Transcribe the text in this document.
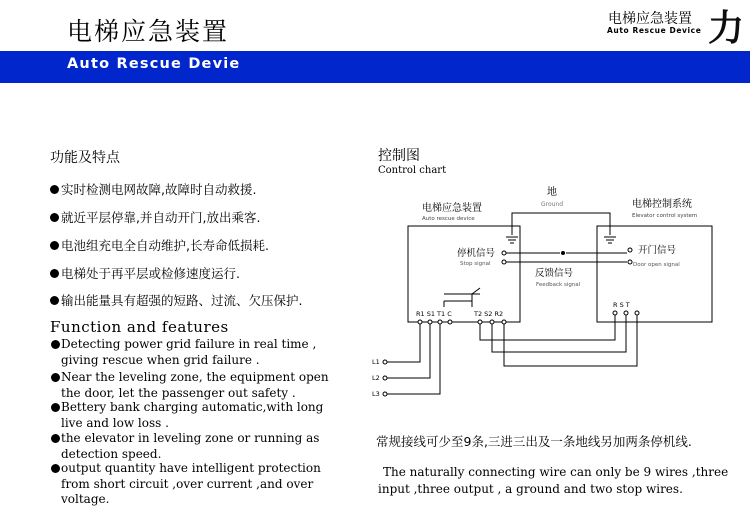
电梯应急装置	电梯应急装置
Auto Rescue Device 力
Auto Rescue Devie
功能及特点
实时检测电网故障,故障时自动救援.
就近平层停靠,并自动开门,放出乘客.
电池组充电全自动维护,长寿命低损耗.
电梯处于再平层或检修速度运行.
输出能量具有超强的短路、过流、欠压保护.
Function and features
Detecting power grid failure in real time ,
giving rescue when grid failure .
Near the leveling zone, the equipment open
the door, let the passenger out safety .
Bettery bank charging automatic,with long
live and low loss .
the elevator in leveling zone or running as
detection speed.
output quantity have intelligent protection
from short circuit ,over current ,and over
voltage.
控制图
Control chart
地
Ground
电梯应急装置
Auto rescue device
电梯控制系统
Elevator control system
停机信号
Stop signal
开门信号
Door open signal
反馈信号
Feedback signal
R1 S1 T1 C	T2 S2 R2
R S T
L1
L2
L3
常规接线可少至9条,三进三出及一条地线另加两条停机线.
The naturally connecting wire can only be 9 wires ,three
input ,three output , a ground and two stop wires.
